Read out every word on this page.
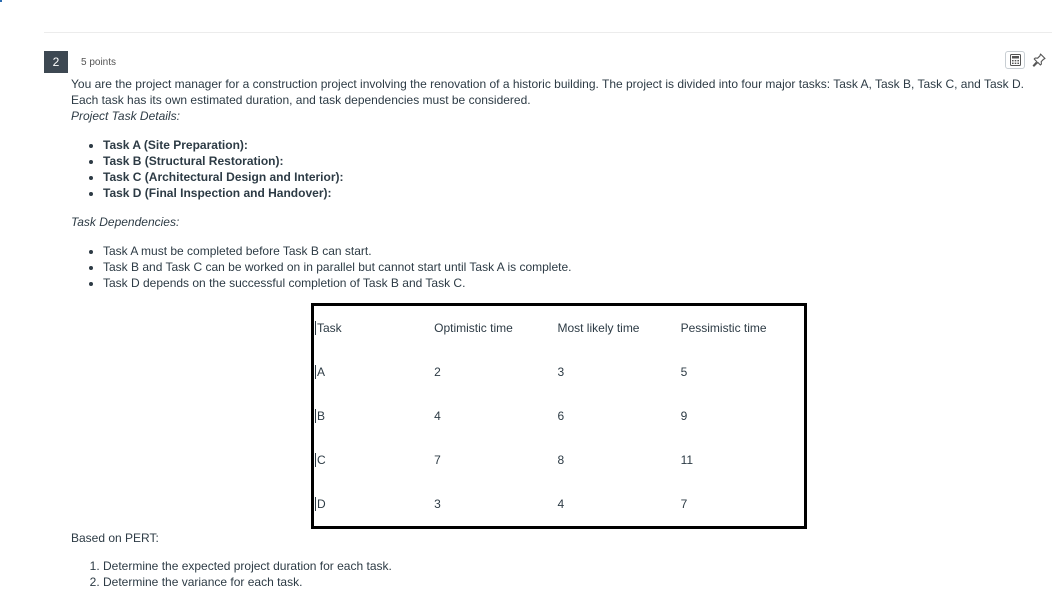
2	5 points

You are the project manager for a construction project involving the renovation of a historic building. The project is divided into four major tasks: Task A, Task B, Task C, and Task D. Each task has its own estimated duration, and task dependencies must be considered.

Project Task Details:

• Task A (Site Preparation):
• Task B (Structural Restoration):
• Task C (Architectural Design and Interior):
• Task D (Final Inspection and Handover):

Task Dependencies:

• Task A must be completed before Task B can start.
• Task B and Task C can be worked on in parallel but cannot start until Task A is complete.
• Task D depends on the successful completion of Task B and Task C.
Task	Optimistic time	Most likely time	Pessimistic time
A	2	3	5
B	4	6	9
C	7	8	11
D	3	4	7
Based on PERT:
1. Determine the expected project duration for each task.
2. Determine the variance for each task.
